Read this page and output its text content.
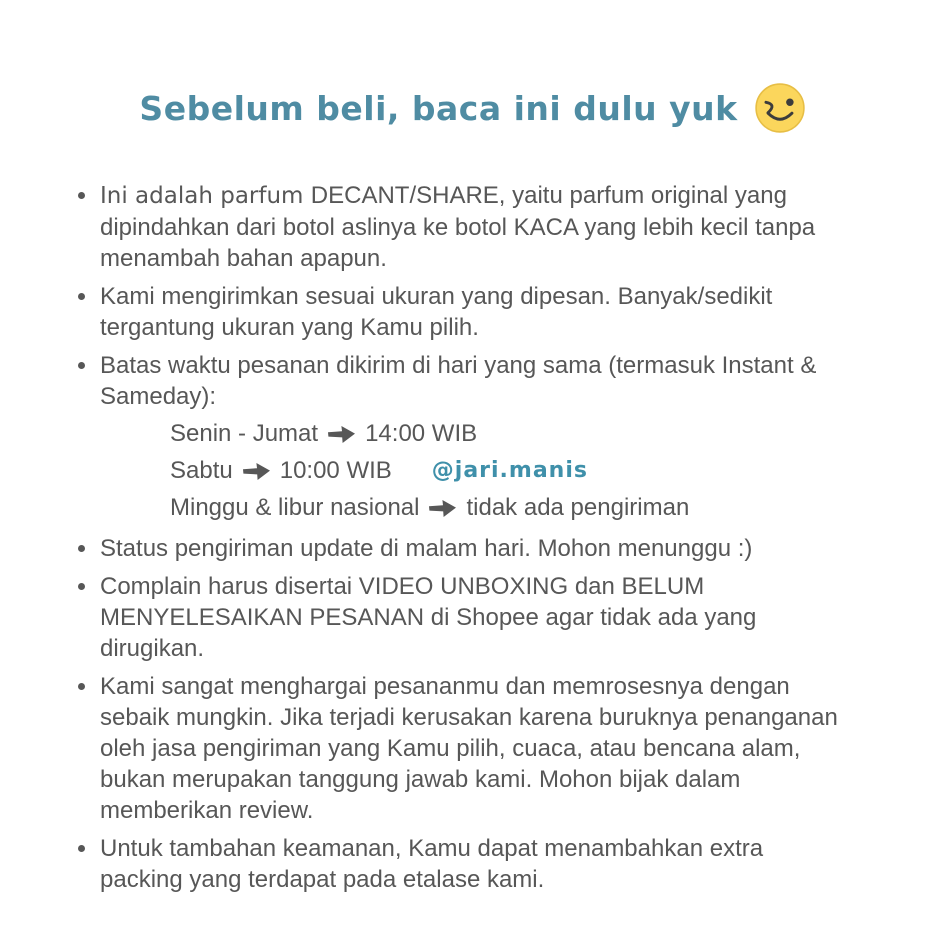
Sebelum beli, baca ini dulu yuk

Ini adalah parfum DECANT/SHARE, yaitu parfum original yang dipindahkan dari botol aslinya ke botol KACA yang lebih kecil tanpa menambah bahan apapun.

Kami mengirimkan sesuai ukuran yang dipesan. Banyak/sedikit tergantung ukuran yang Kamu pilih.

Batas waktu pesanan dikirim di hari yang sama (termasuk Instant & Sameday):

Senin - Jumat 14:00 WIB
Sabtu 10:00 WIB @jari.manis
Minggu & libur nasional tidak ada pengiriman

Status pengiriman update di malam hari. Mohon menunggu :)

Complain harus disertai VIDEO UNBOXING dan BELUM MENYELESAIKAN PESANAN di Shopee agar tidak ada yang dirugikan.

Kami sangat menghargai pesananmu dan memrosesnya dengan sebaik mungkin. Jika terjadi kerusakan karena buruknya penanganan oleh jasa pengiriman yang Kamu pilih, cuaca, atau bencana alam, bukan merupakan tanggung jawab kami. Mohon bijak dalam memberikan review.

Untuk tambahan keamanan, Kamu dapat menambahkan extra packing yang terdapat pada etalase kami.
